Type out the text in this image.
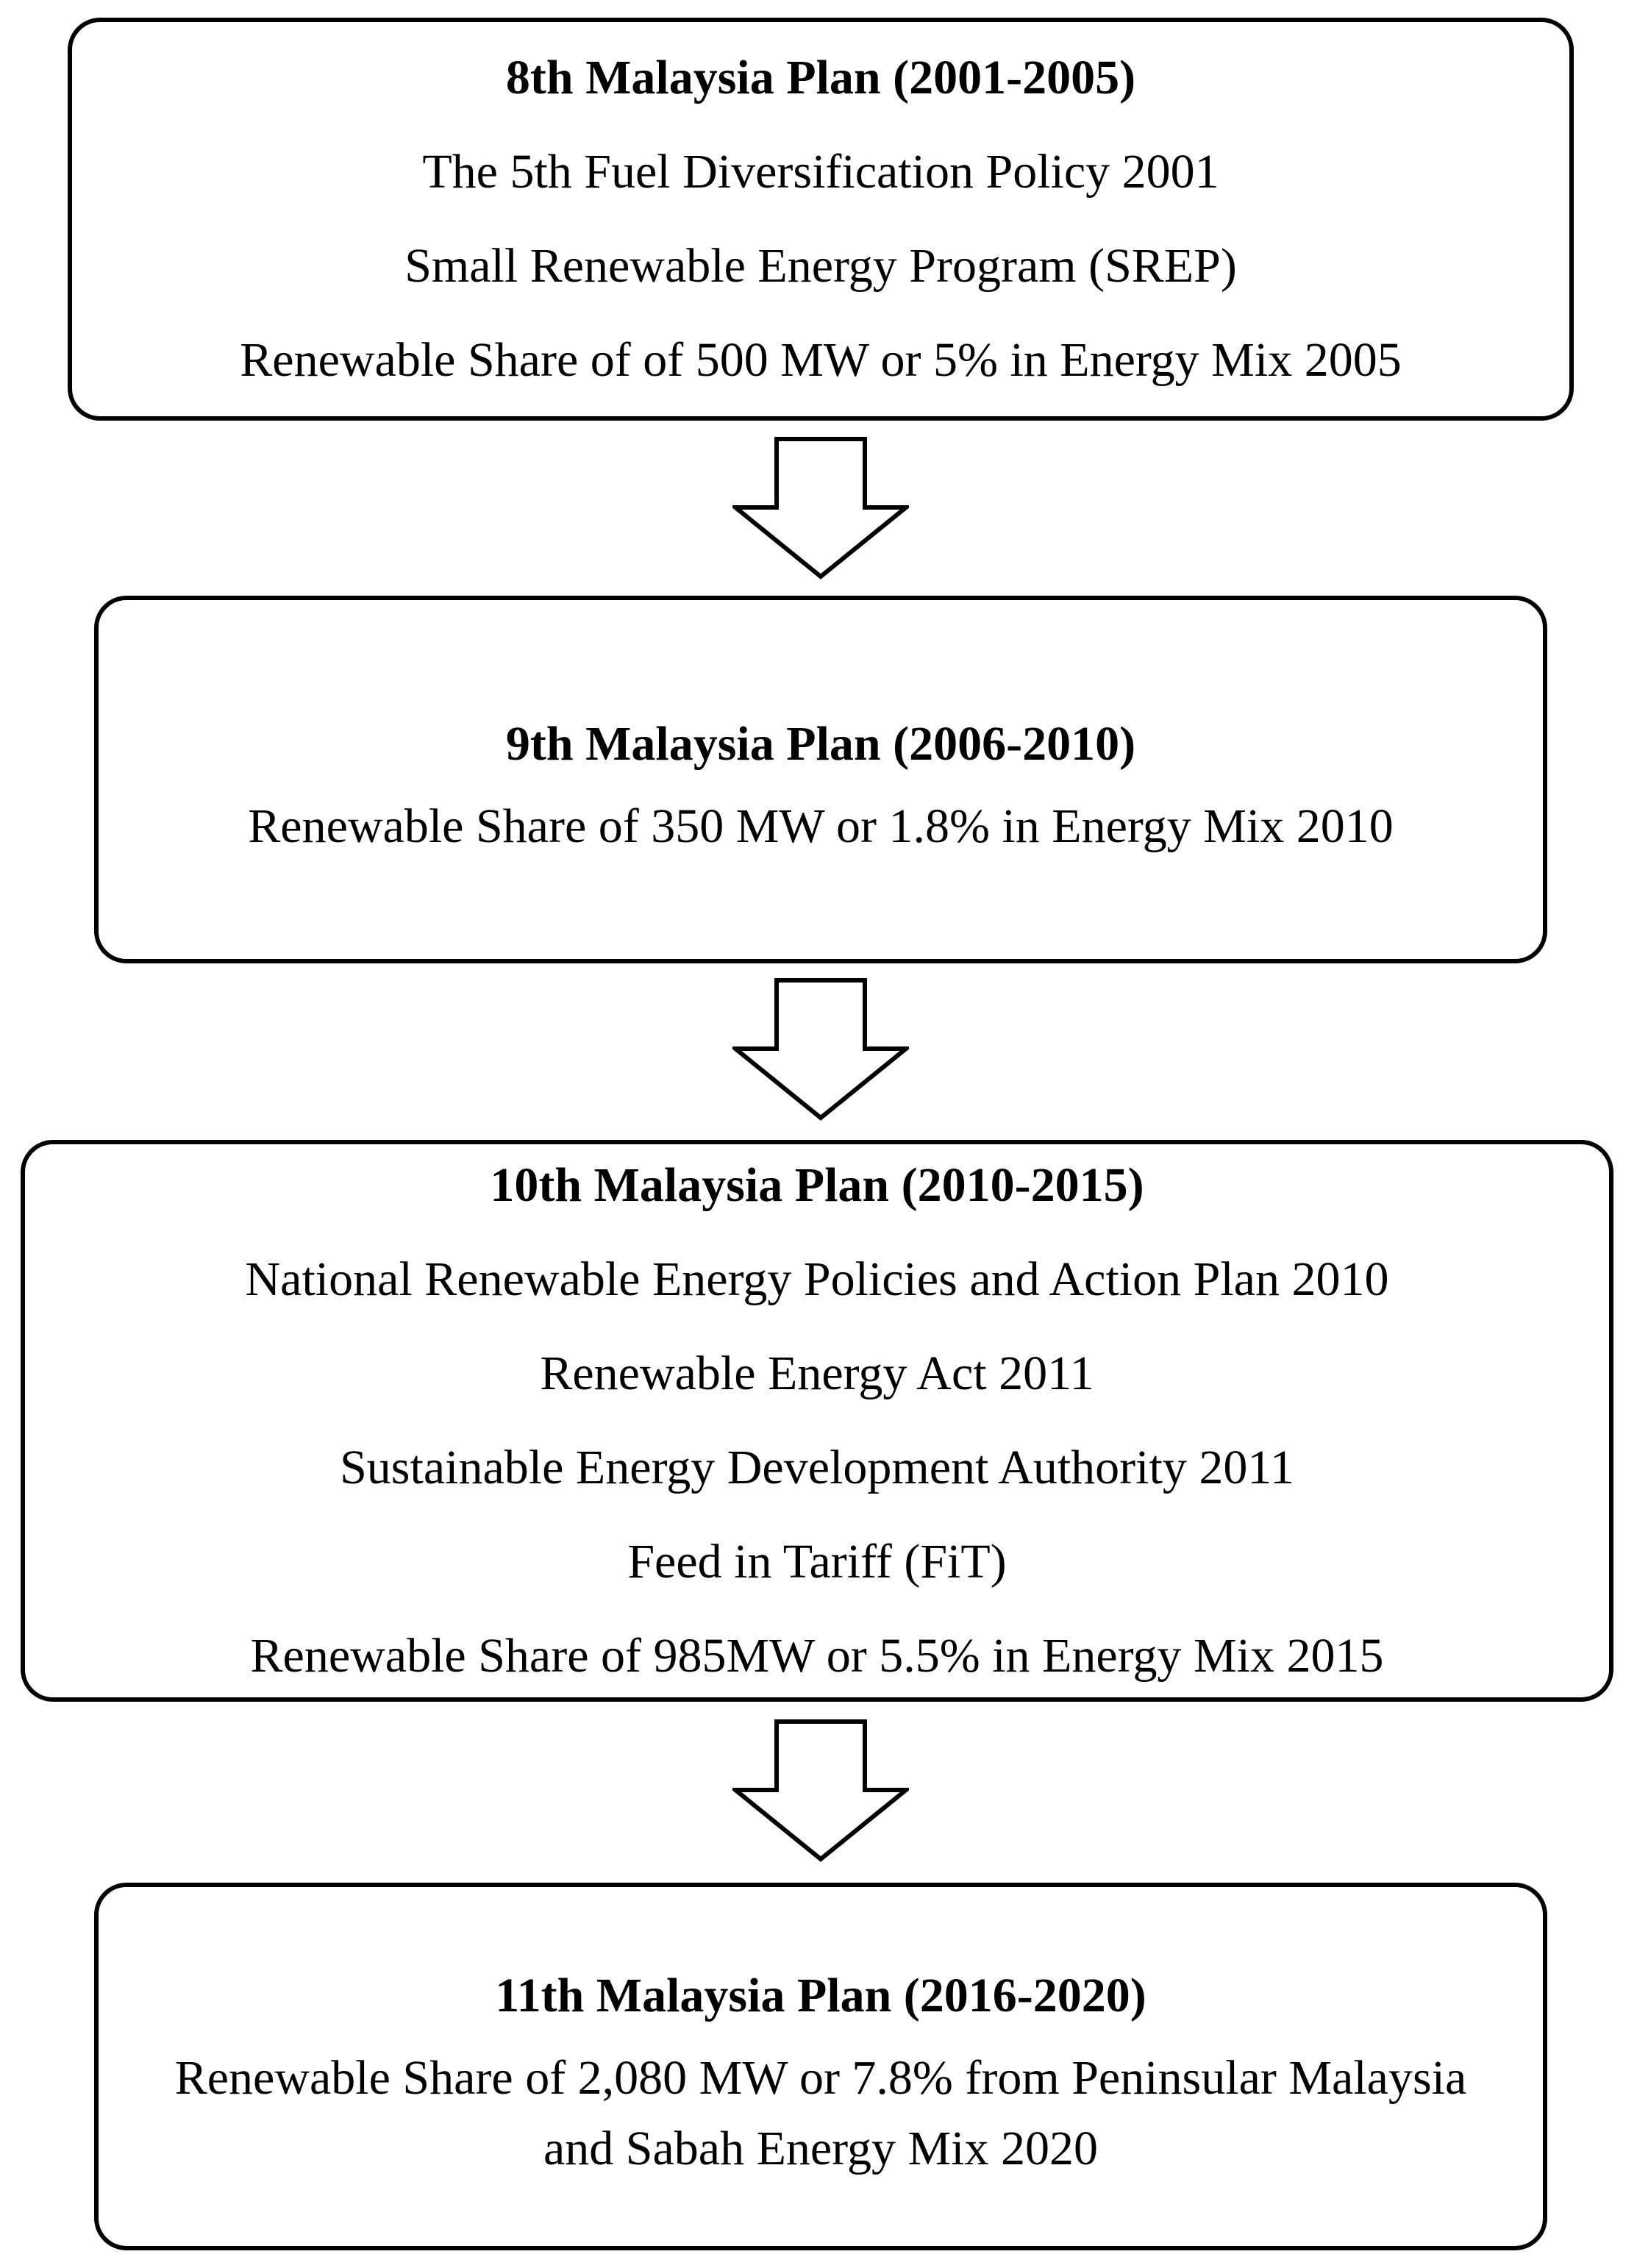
8th Malaysia Plan (2001-2005)
The 5th Fuel Diversification Policy 2001
Small Renewable Energy Program (SREP)
Renewable Share of of 500 MW or 5% in Energy Mix 2005
9th Malaysia Plan (2006-2010)
Renewable Share of 350 MW or 1.8% in Energy Mix 2010
10th Malaysia Plan (2010-2015)
National Renewable Energy Policies and Action Plan 2010
Renewable Energy Act 2011
Sustainable Energy Development Authority 2011
Feed in Tariff (FiT)
Renewable Share of 985MW or 5.5% in Energy Mix 2015
11th Malaysia Plan (2016-2020)
Renewable Share of 2,080 MW or 7.8% from Peninsular Malaysia and Sabah Energy Mix 2020
